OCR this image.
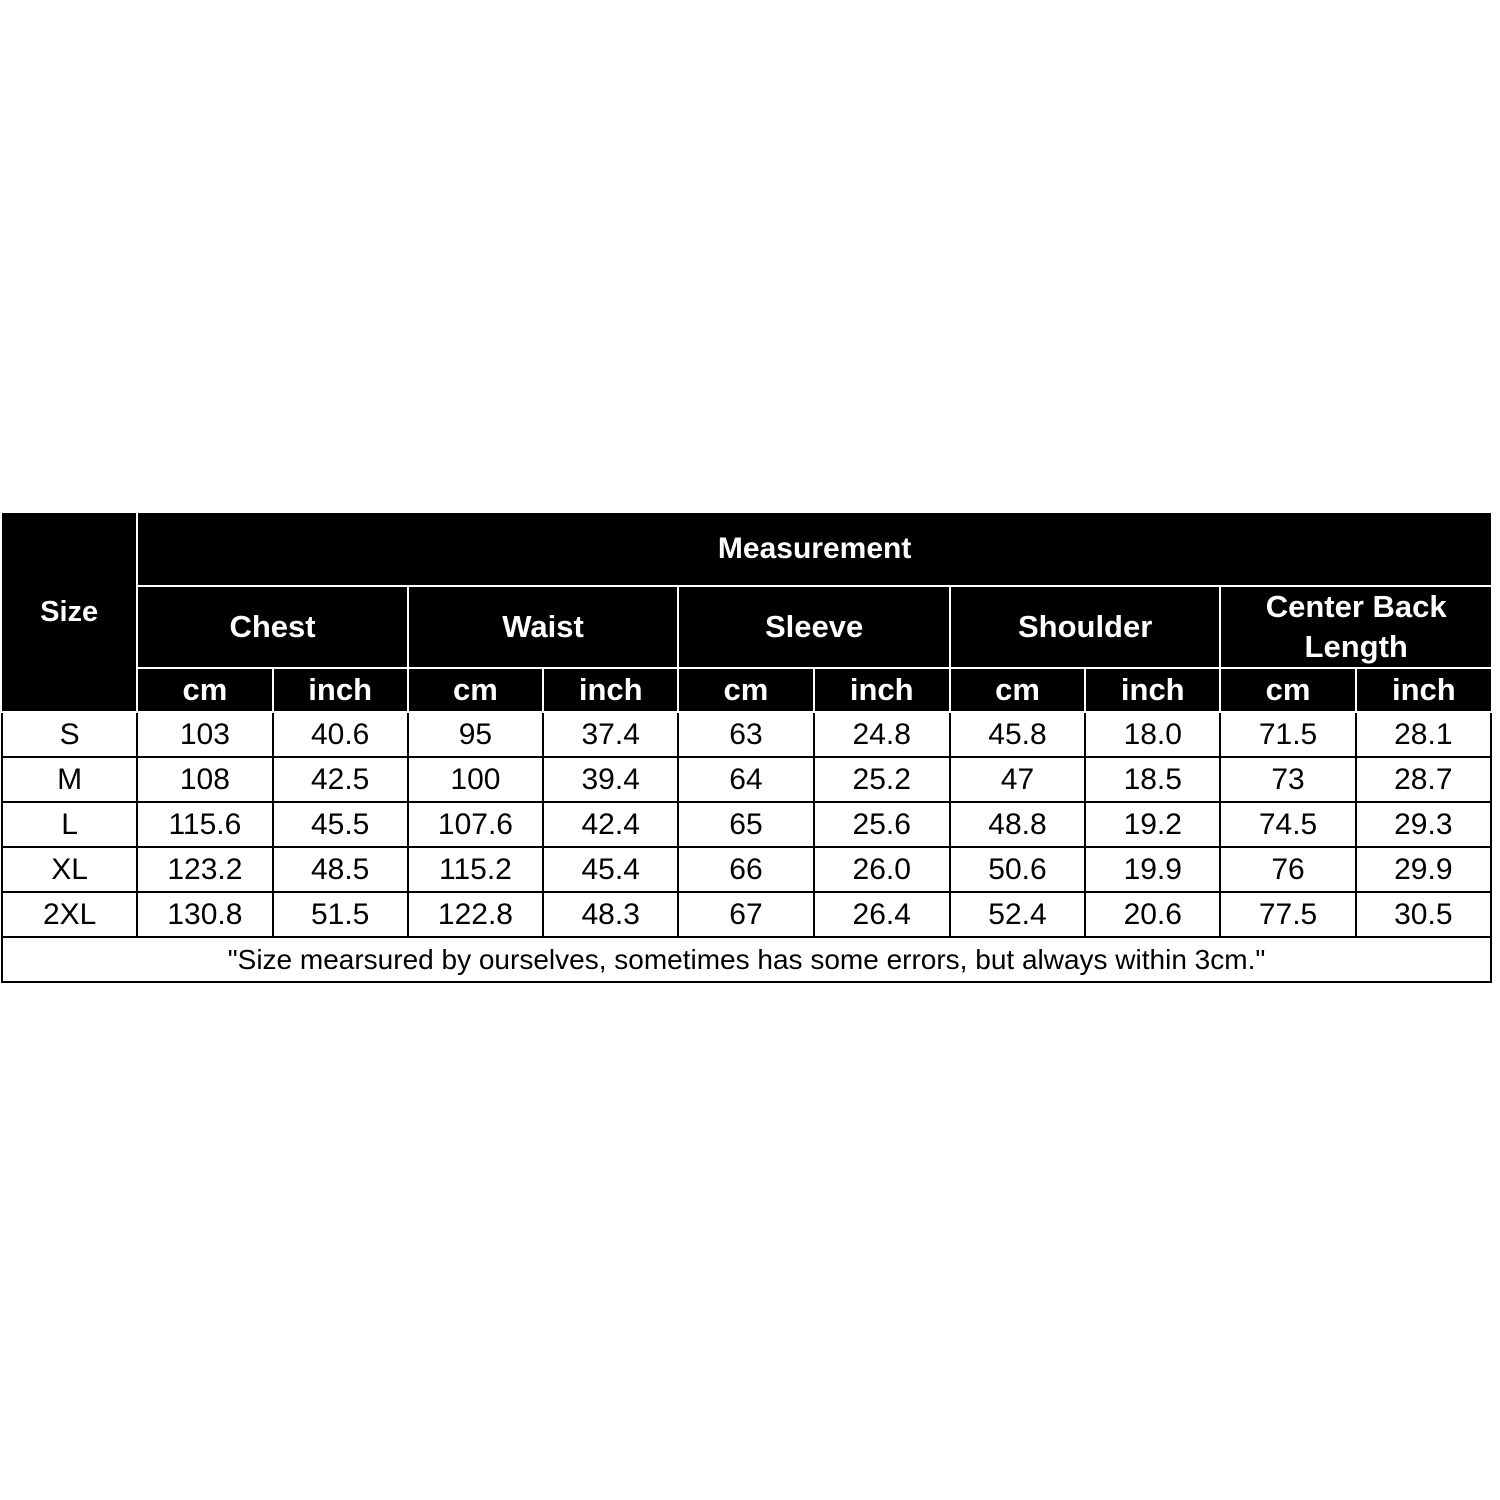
Size	Measurement									
	Chest		Waist		Sleeve		Shoulder		Center Back Length	
	cm	inch	cm	inch	cm	inch	cm	inch	cm	inch
S	103	40.6	95	37.4	63	24.8	45.8	18.0	71.5	28.1
M	108	42.5	100	39.4	64	25.2	47	18.5	73	28.7
L	115.6	45.5	107.6	42.4	65	25.6	48.8	19.2	74.5	29.3
XL	123.2	48.5	115.2	45.4	66	26.0	50.6	19.9	76	29.9
2XL	130.8	51.5	122.8	48.3	67	26.4	52.4	20.6	77.5	30.5
"Size mearsured by ourselves, sometimes has some errors, but always within 3cm."										
